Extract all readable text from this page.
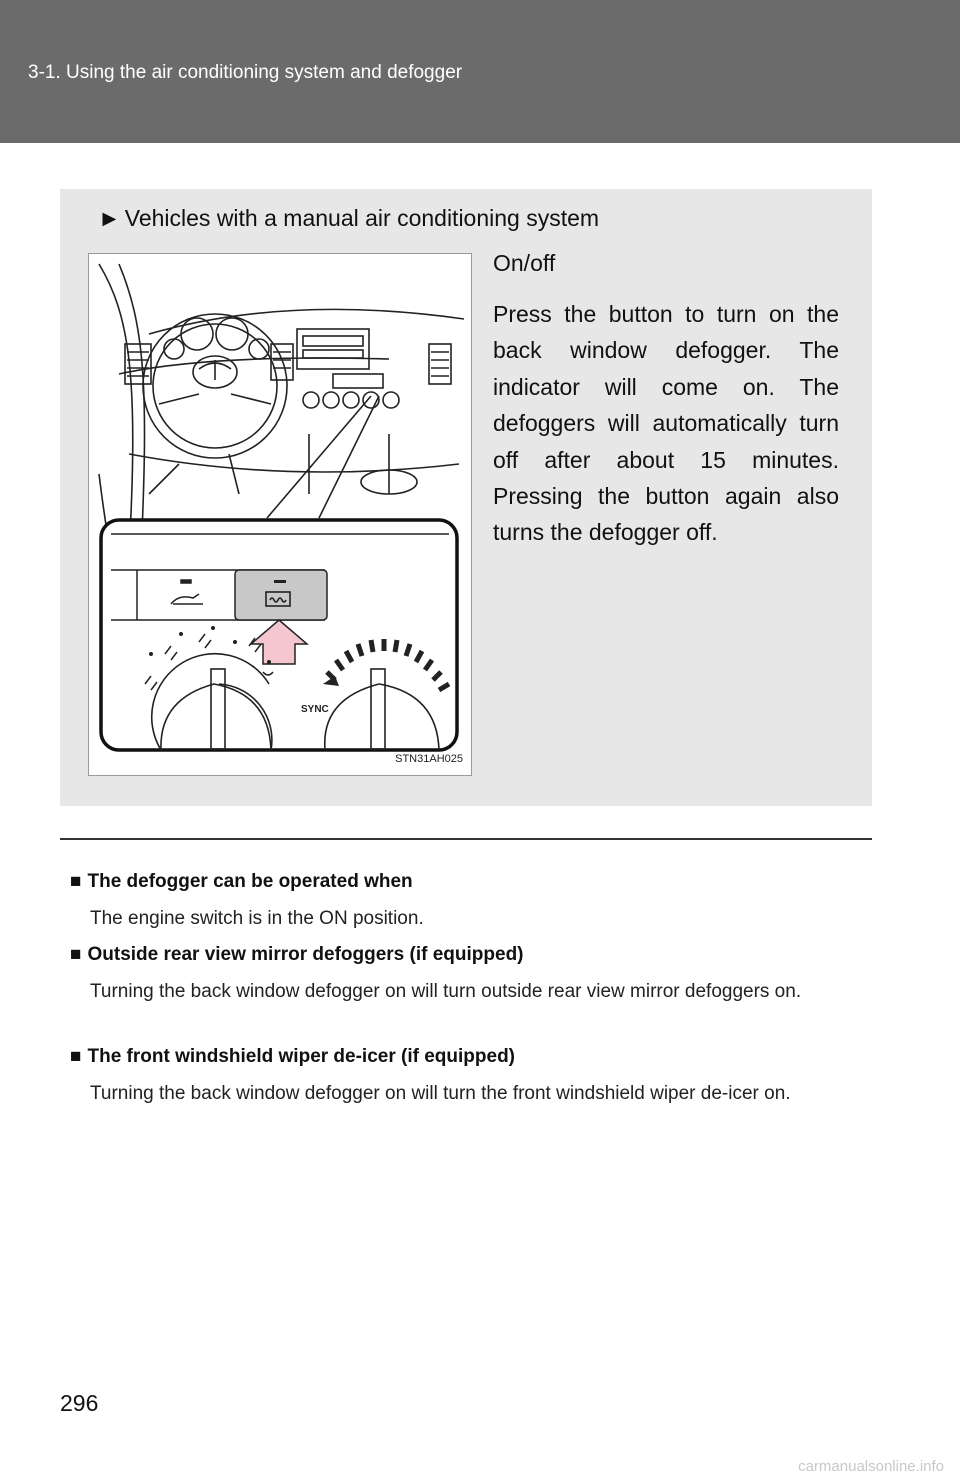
3-1. Using the air conditioning system and defogger
► Vehicles with a manual air conditioning system
SYNC
STN31AH025
On/off
Press the button to turn on the back window defogger. The indicator will come on. The defoggers will automatically turn off after about 15 minutes. Pressing the button again also turns the defogger off.
■ The defogger can be operated when
The engine switch is in the ON position.
■ Outside rear view mirror defoggers (if equipped)
Turning the back window defogger on will turn outside rear view mirror defoggers on.
■ The front windshield wiper de-icer (if equipped)
Turning the back window defogger on will turn the front windshield wiper de-icer on.
296
carmanualsonline.info
